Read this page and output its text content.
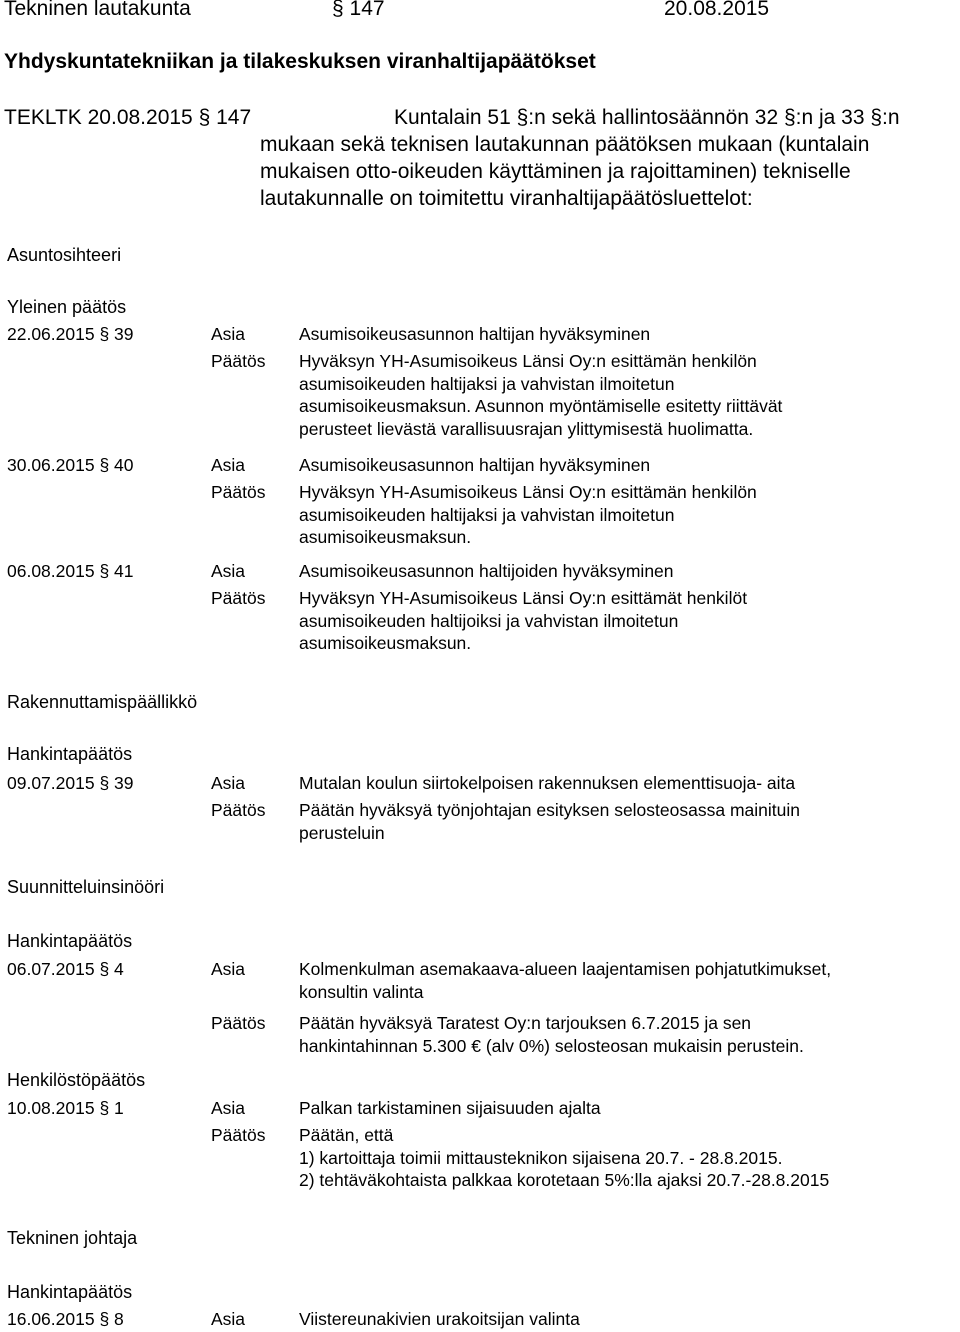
Tekninen lautakunta	§ 147	20.08.2015
Yhdyskuntatekniikan ja tilakeskuksen viranhaltijapäätökset
TEKLTK 20.08.2015 § 147	Kuntalain 51 §:n sekä hallintosäännön 32 §:n ja 33 §:n
mukaan sekä teknisen lautakunnan päätöksen mukaan (kuntalain
mukaisen otto-oikeuden käyttäminen ja rajoittaminen) tekniselle
lautakunnalle on toimitettu viranhaltijapäätösluettelot:
Asuntosihteeri
Yleinen päätös
22.06.2015 § 39	Asia	Asumisoikeusasunnon haltijan hyväksyminen
Päätös Hyväksyn YH-Asumisoikeus Länsi Oy:n esittämän henkilön
asumisoikeuden haltijaksi ja vahvistan ilmoitetun
asumisoikeusmaksun. Asunnon myöntämiselle esitetty riittävät
perusteet lievästä varallisuusrajan ylittymisestä huolimatta.
30.06.2015 § 40	Asia	Asumisoikeusasunnon haltijan hyväksyminen
Päätös Hyväksyn YH-Asumisoikeus Länsi Oy:n esittämän henkilön
asumisoikeuden haltijaksi ja vahvistan ilmoitetun
asumisoikeusmaksun.
06.08.2015 § 41	Asia	Asumisoikeusasunnon haltijoiden hyväksyminen
Päätös Hyväksyn YH-Asumisoikeus Länsi Oy:n esittämät henkilöt
asumisoikeuden haltijoiksi ja vahvistan ilmoitetun
asumisoikeusmaksun.
Rakennuttamispäällikkö
Hankintapäätös
09.07.2015 § 39	Asia	Mutalan koulun siirtokelpoisen rakennuksen elementtisuoja- aita
Päätös Päätän hyväksyä työnjohtajan esityksen selosteosassa mainituin
perusteluin
Suunnitteluinsinööri
Hankintapäätös
06.07.2015 § 4	Asia	Kolmenkulman asemakaava-alueen laajentamisen pohjatutkimukset,
konsultin valinta
Päätös Päätän hyväksyä Taratest Oy:n tarjouksen 6.7.2015 ja sen
hankintahinnan 5.300 € (alv 0%) selosteosan mukaisin perustein.
Henkilöstöpäätös
10.08.2015 § 1	Asia	Palkan tarkistaminen sijaisuuden ajalta
Päätös Päätän, että
1) kartoittaja toimii mittausteknikon sijaisena 20.7. - 28.8.2015.
2) tehtäväkohtaista palkkaa korotetaan 5%:lla ajaksi 20.7.-28.8.2015
Tekninen johtaja
Hankintapäätös
16.06.2015 § 8	Asia	Viistereunakivien urakoitsijan valinta
